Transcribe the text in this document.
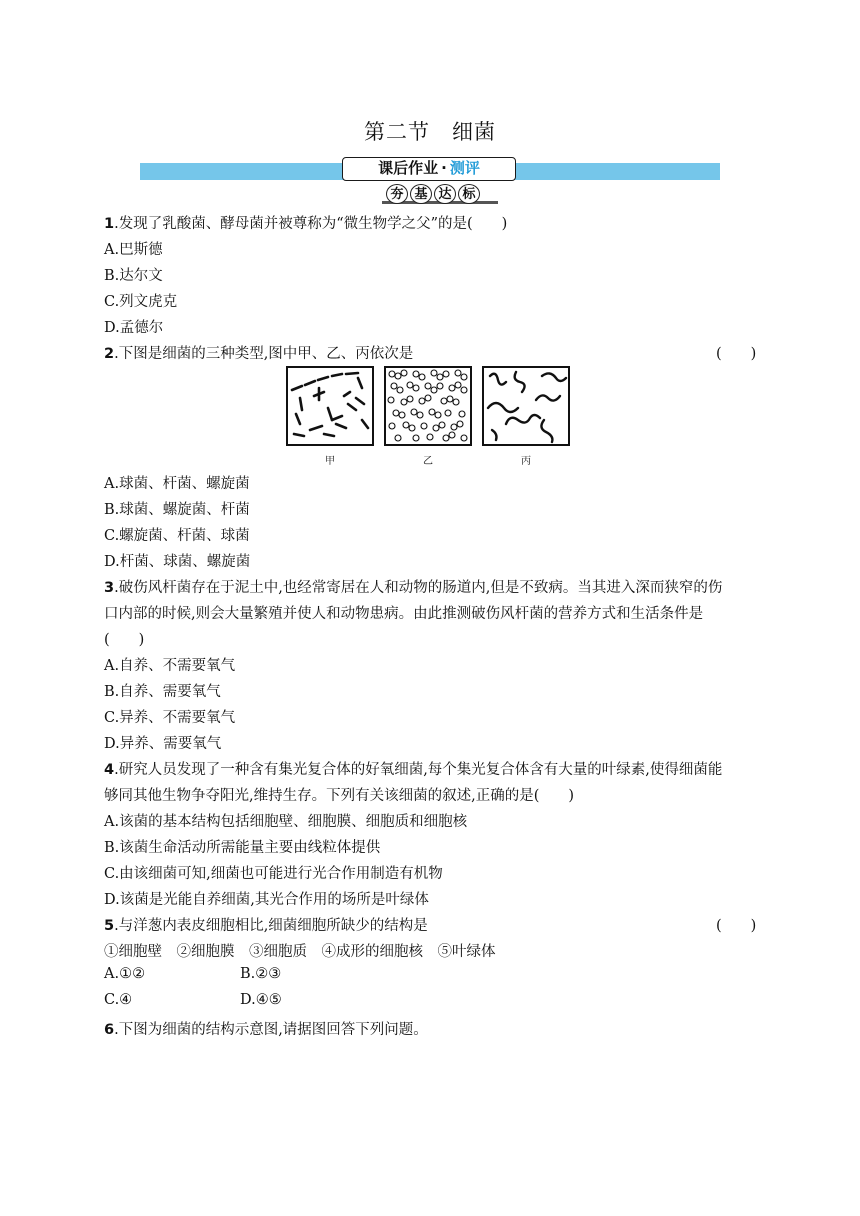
第二节 细菌
课后作业 · 测评
夯 基 达 标
1.发现了乳酸菌、酵母菌并被尊称为“微生物学之父”的是(　　)
A.巴斯德
B.达尔文
C.列文虎克
D.孟德尔
2.下图是细菌的三种类型,图中甲、乙、丙依次是	(　　)
甲	乙	丙
A.球菌、杆菌、螺旋菌
B.球菌、螺旋菌、杆菌
C.螺旋菌、杆菌、球菌
D.杆菌、球菌、螺旋菌
3.破伤风杆菌存在于泥土中,也经常寄居在人和动物的肠道内,但是不致病。当其进入深而狭窄的伤
口内部的时候,则会大量繁殖并使人和动物患病。由此推测破伤风杆菌的营养方式和生活条件是
(　　)
A.自养、不需要氧气
B.自养、需要氧气
C.异养、不需要氧气
D.异养、需要氧气
4.研究人员发现了一种含有集光复合体的好氧细菌,每个集光复合体含有大量的叶绿素,使得细菌能
够同其他生物争夺阳光,维持生存。下列有关该细菌的叙述,正确的是(　　)
A.该菌的基本结构包括细胞壁、细胞膜、细胞质和细胞核
B.该菌生命活动所需能量主要由线粒体提供
C.由该细菌可知,细菌也可能进行光合作用制造有机物
D.该菌是光能自养细菌,其光合作用的场所是叶绿体
5.与洋葱内表皮细胞相比,细菌细胞所缺少的结构是	(　　)
①细胞壁　②细胞膜　③细胞质　④成形的细胞核　⑤叶绿体
A.①②	B.②③
C.④	D.④⑤
6.下图为细菌的结构示意图,请据图回答下列问题。
